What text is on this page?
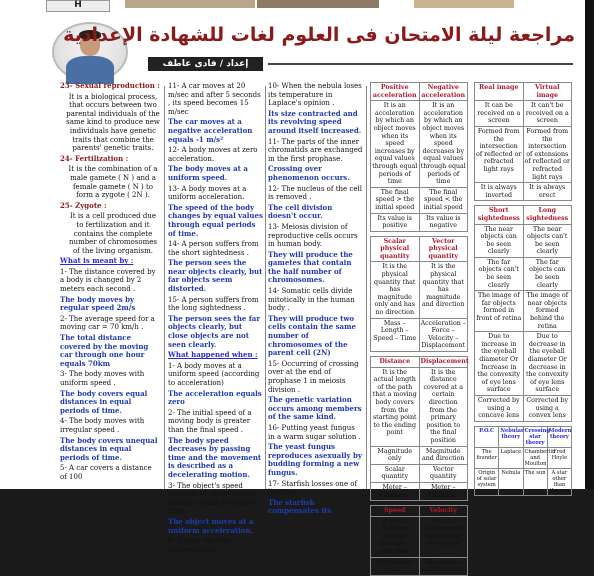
H
مراجعة ليلة الامتحان فى العلوم لغات للشهادة الإعدادية
إعداد / فادى عاطف

23- Sexual reproduction :

It is a biological process, that occurs between two parental individuals of the same kind to produce new individuals have genetic traits that combine the parents' genetic traits.

24- Fertilization :

It is the combination of a male gamete ( N ) and a female gamete ( N ) to form a zygote ( 2N ).

25- Zygote :

It is a cell produced due to fertilization and it contains the complete number of chromosomes of the living organism.

What is meant by :

1- The distance covered by a body is changed by 2 meters each second .

The body moves by regular speed 2m/s

2- The average speed for a moving car = 70 km/h .

The total distance covered by the moving car through one hour equals 70km

3- The body moves with uniform speed .

The body covers equal distances in equal periods of time.

4- The body moves with irregular speed .

The body covers unequal distances in equal periods of time.

5- A car covers a distance of 100

11- A car moves at 20 m/sec and after 5 seconds , its speed becomes 15 m/sec

The car moves at a negative acceleration equals -1 m/s²

12- A body moves at zero acceleration.

The body moves at a uniform speed.

13- A body moves at a uniform acceleration.

The speed of the body changes by equal values through equal periods of time.

14- A person suffers from the short sightedness .

The person sees the near objects clearly, but far objects seem distorted.

15- A person suffers from the long sightedness .

The person sees the far objects clearly, but close objects are not seen clearly.

What happened when :

1- A body moves at a uniform speed (according to acceleration)

The acceleration equals zero

2- The initial speed of a moving body is greater than the final speed .

The body speed decreases by passing time and the movement is described as a decelerating motion.

3- The object's speed changes by equal values through equal periods of time.

The object moves at a uniform acceleration.

4- A light ray falls perpendicular

10- When the nebula loses its temperature in Laplace's opinion .

Its size contracted and its revolving speed around itself increased.

11- The parts of the inner chromatids are exchanged in the first prophase.

Crossing over phenomenon occurs.

12- The nucleus of the cell is removed .

The cell division doesn't occur.

13- Meiosis division of reproductive cells occurs in human body.

They will produce the gametes that contain the half number of chromosomes.

14- Somatic cells divide mitotically in the human body .

They will produce two cells contain the same number of chromosomes of the parent cell (2N)

15- Occurring of crossing over at the end of prophase 1 in meiosis division .

The genetic variation occurs among members of the same kind.

16- Putting yeast fungus in a warm sugar solution .

The yeast fungus reproduces asexually by budding forming a new fungus.

17- Starfish losses one of its arms .

The starfish compensates its

Positive acceleration	Negative acceleration
It is an acceleration by which an object moves when its speed increases by equal values through equal periods of time	It is an acceleration by which an object moves when its speed decreases by equal values through equal periods of time
The final speed > the initial speed	The final speed < the initial speed
Its value is positive	Its value is negative
Scalar physical quantity	Vector physical quantity
It is the physical quantity that has magnitude only and has no direction	It is the physical quantity that has magnitude and direction
Mass – Length – Speed – Time	Acceleration – Force – Velocity – Displacement
Distance	Displacement
It is the actual length of the path that a moving body covers from the starting point to the ending point	It is the distance covered at a certain direction from the primary position to the final position
Magnitude only	Magnitude and direction
Scalar quantity	Vector quantity
Meter – Kilometer	Meter – Kilometer
Speed	Velocity
It is the distance moved through a unit time	It is the displacement covered in one second
Magnitude only	Magnitude and direction
Real image	Virtual image
It can be received on a screen	It can't be received on a screen
Formed from the intersection of reflected or refracted light rays	Formed from the intersection of extensions of reflected or refracted light rays
It is always inverted	It is always erect
Short sightedness	Long sightedness
The near objects can be seen clearly	The near objects can't be seen clearly
The far objects can't be seen clearly	The far objects can be seen clearly
The image of far objects formed in front of retina	The image of near objects formed behind the retina
Due to increase in the eyeball diameter Or Increase in the convexity of eye lens surface	Due to decrease in the eyeball diameter Or decrease in the convexity of eye lens surface
Corrected by using a concave lens	Corrected by using a convex lens
P.O.C	Nebular theory	Crossing star theory	Modern theory
The founder	Laplace	Chamberlin and Moulton	Fred Hoyle
Origin of solar system	Nebula	The sun	A star other than the sun
